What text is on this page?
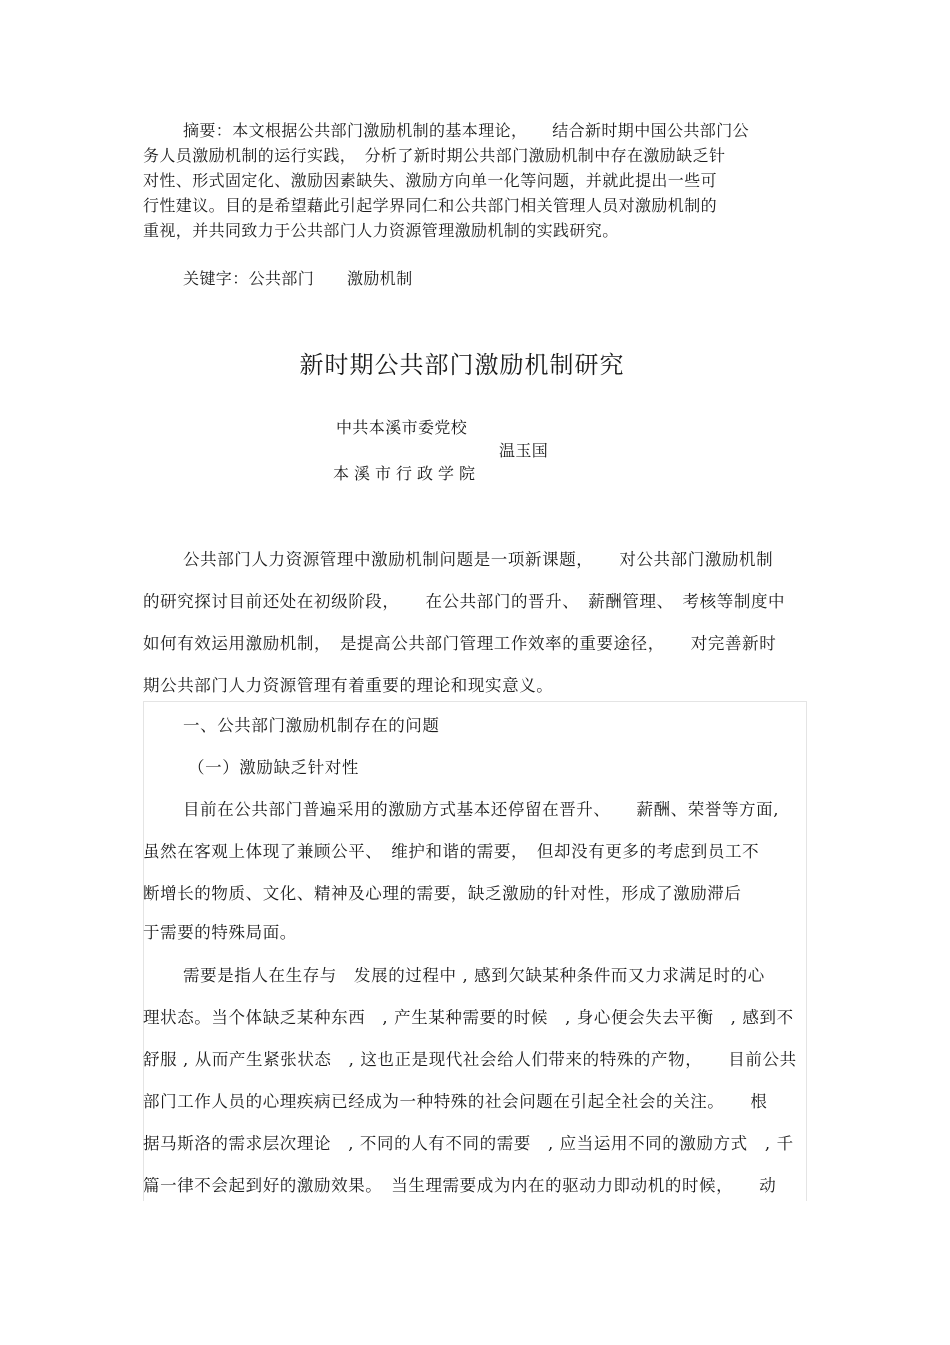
摘要：本文根据公共部门激励机制的基本理论，　　结合新时期中国公共部门公
务人员激励机制的运行实践，　分析了新时期公共部门激励机制中存在激励缺乏针
对性、形式固定化、激励因素缺失、激励方向单一化等问题，并就此提出一些可
行性建议。目的是希望藉此引起学界同仁和公共部门相关管理人员对激励机制的
重视，并共同致力于公共部门人力资源管理激励机制的实践研究。
关键字：公共部门　　激励机制
新时期公共部门激励机制研究
中共本溪市委党校
温玉国
本溪市行政学院
公共部门人力资源管理中激励机制问题是一项新课题，　　对公共部门激励机制
的研究探讨目前还处在初级阶段，　　在公共部门的晋升、　薪酬管理、　考核等制度中
如何有效运用激励机制，　是提高公共部门管理工作效率的重要途径，　　对完善新时
期公共部门人力资源管理有着重要的理论和现实意义。
一、公共部门激励机制存在的问题
（一）激励缺乏针对性
目前在公共部门普遍采用的激励方式基本还停留在晋升、　　薪酬、荣誉等方面,
虽然在客观上体现了兼顾公平、　维护和谐的需要，　但却没有更多的考虑到员工不
断增长的物质、文化、精神及心理的需要，缺乏激励的针对性，形成了激励滞后
于需要的特殊局面。
需要是指人在生存与　发展的过程中 , 感到欠缺某种条件而又力求满足时的心
理状态。当个体缺乏某种东西　, 产生某种需要的时候　, 身心便会失去平衡　, 感到不
舒服 , 从而产生紧张状态　, 这也正是现代社会给人们带来的特殊的产物，　　目前公共
部门工作人员的心理疾病已经成为一种特殊的社会问题在引起全社会的关注。　　根
据马斯洛的需求层次理论　, 不同的人有不同的需要　, 应当运用不同的激励方式　, 千
篇一律不会起到好的激励效果。　当生理需要成为内在的驱动力即动机的时候，　　动
